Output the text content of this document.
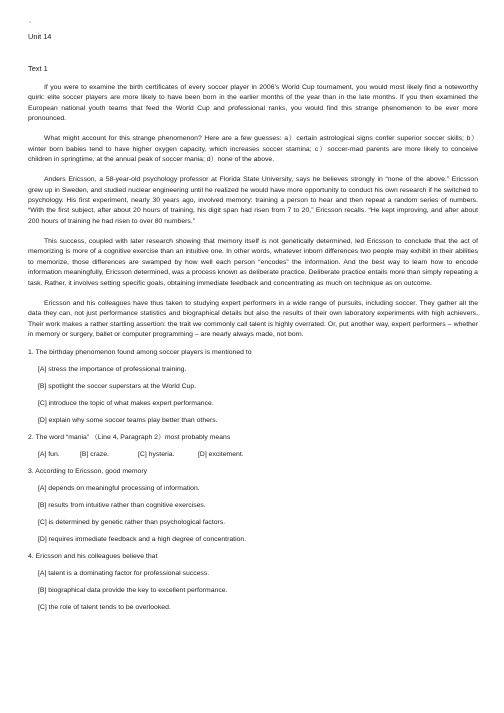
▫
Unit 14
Text 1

If you were to examine the birth certificates of every soccer player in 2006’s World Cup tournament, you would most likely find a noteworthy quirk: elite soccer players are more likely to have been born in the earlier months of the year than in the late months. If you then examined the European national youth teams that feed the World Cup and professional ranks, you would find this strange phenomenon to be ever more pronounced.

What might account for this strange phenomenon? Here are a few guesses: a）certain astrological signs confer superior soccer skills; b）winter born babies tend to have higher oxygen capacity, which increases soccer stamina; c）soccer-mad parents are more likely to conceive children in springtime, at the annual peak of soccer mania; d）none of the above.

Anders Ericsson, a 58-year-old psychology professor at Florida State University, says he believes strongly in “none of the above.” Ericsson grew up in Sweden, and studied nuclear engineering until he realized he would have more opportunity to conduct his own research if he switched to psychology. His first experiment, nearly 30 years ago, involved memory: training a person to hear and then repeat a random series of numbers. “With the first subject, after about 20 hours of training, his digit span had risen from 7 to 20,” Ericsson recalls. “He kept improving, and after about 200 hours of training he had risen to over 80 numbers.”

This success, coupled with later research showing that memory itself is not genetically determined, led Ericsson to conclude that the act of memorizing is more of a cognitive exercise than an intuitive one. In other words, whatever inborn differences two people may exhibit in their abilities to memorize, those differences are swamped by how well each person “encodes” the information. And the best way to learn how to encode information meaningfully, Ericsson determined, was a process known as deliberate practice. Deliberate practice entails more than simply repeating a task. Rather, it involves setting specific goals, obtaining immediate feedback and concentrating as much on technique as on outcome.

Ericsson and his colleagues have thus taken to studying expert performers in a wide range of pursuits, including soccer. They gather all the data they can, not just performance statistics and biographical details but also the results of their own laboratory experiments with high achievers. Their work makes a rather startling assertion: the trait we commonly call talent is highly overrated. Or, put another way, expert performers – whether in memory or surgery, ballet or computer programming – are nearly always made, not born.

1. The birthday phenomenon found among soccer players is mentioned to
[A] stress the importance of professional training.
[B] spotlight the soccer superstars at the World Cup.
[C] introduce the topic of what makes expert performance.
[D] explain why some soccer teams play better than others.
2. The word “mania” （Line 4, Paragraph 2）most probably means
[A] fun.	[B] craze.	[C] hysteria.	[D] excitement.
3. According to Ericsson, good memory
[A] depends on meaningful processing of information.
[B] results from intuitive rather than cognitive exercises.
[C] is determined by genetic rather than psychological factors.
[D] requires immediate feedback and a high degree of concentration.
4. Ericsson and his colleagues believe that
[A] talent is a dominating factor for professional success.
[B] biographical data provide the key to excellent performance.
[C] the role of talent tends to be overlooked.
